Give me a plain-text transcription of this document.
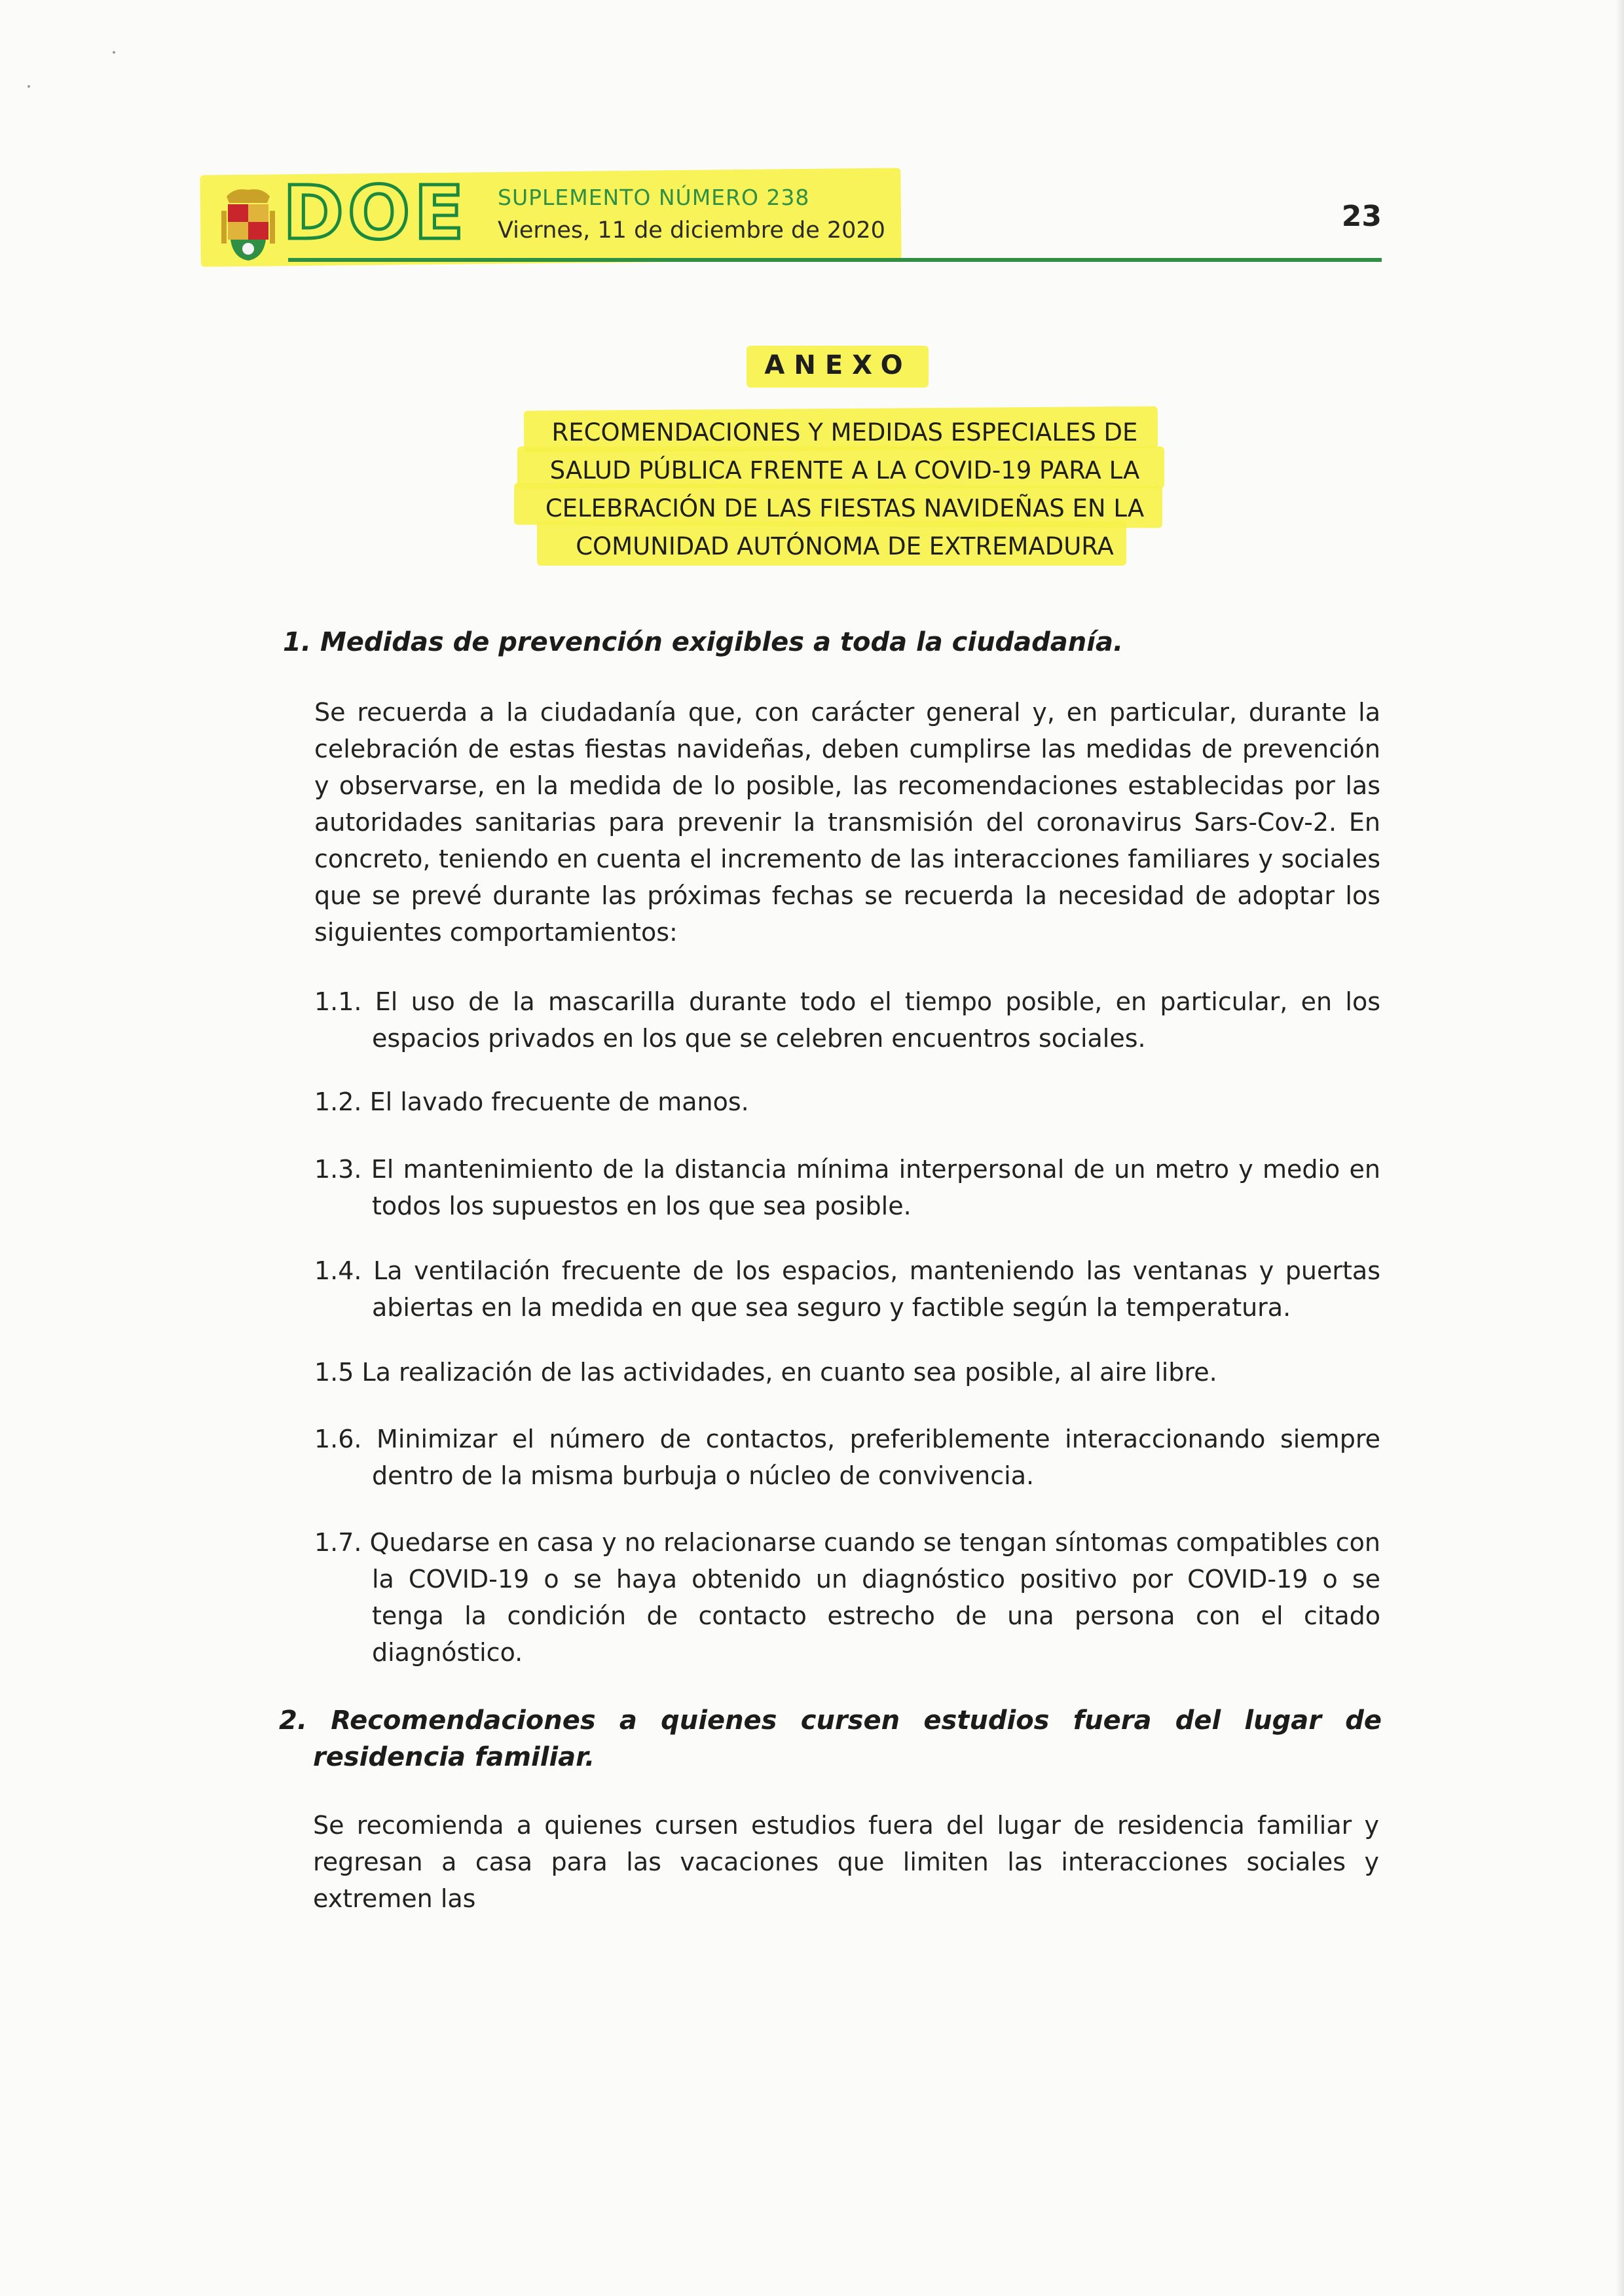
DOE SUPLEMENTO NÚMERO 238
Viernes, 11 de diciembre de 2020	23
ANEXO
RECOMENDACIONES Y MEDIDAS ESPECIALES DE
SALUD PÚBLICA FRENTE A LA COVID-19 PARA LA
CELEBRACIÓN DE LAS FIESTAS NAVIDEÑAS EN LA
COMUNIDAD AUTÓNOMA DE EXTREMADURA
1. Medidas de prevención exigibles a toda la ciudadanía.
Se recuerda a la ciudadanía que, con carácter general y, en particular, durante la celebración de estas fiestas navideñas, deben cumplirse las medidas de prevención y observarse, en la medida de lo posible, las recomendaciones establecidas por las autoridades sanitarias para prevenir la transmisión del coronavirus Sars-Cov-2. En concreto, teniendo en cuenta el incremento de las interacciones familiares y sociales que se prevé durante las próximas fechas se recuerda la necesidad de adoptar los siguientes comportamientos:
1.1. El uso de la mascarilla durante todo el tiempo posible, en particular, en los espacios privados en los que se celebren encuentros sociales.
1.2. El lavado frecuente de manos.
1.3. El mantenimiento de la distancia mínima interpersonal de un metro y medio en todos los supuestos en los que sea posible.
1.4. La ventilación frecuente de los espacios, manteniendo las ventanas y puertas abiertas en la medida en que sea seguro y factible según la temperatura.
1.5 La realización de las actividades, en cuanto sea posible, al aire libre.
1.6. Minimizar el número de contactos, preferiblemente interaccionando siempre dentro de la misma burbuja o núcleo de convivencia.
1.7. Quedarse en casa y no relacionarse cuando se tengan síntomas compatibles con la COVID-19 o se haya obtenido un diagnóstico positivo por COVID-19 o se tenga la condición de contacto estrecho de una persona con el citado diagnóstico.
2. Recomendaciones a quienes cursen estudios fuera del lugar de residencia familiar.
Se recomienda a quienes cursen estudios fuera del lugar de residencia familiar y regresan a casa para las vacaciones que limiten las interacciones sociales y extremen las
